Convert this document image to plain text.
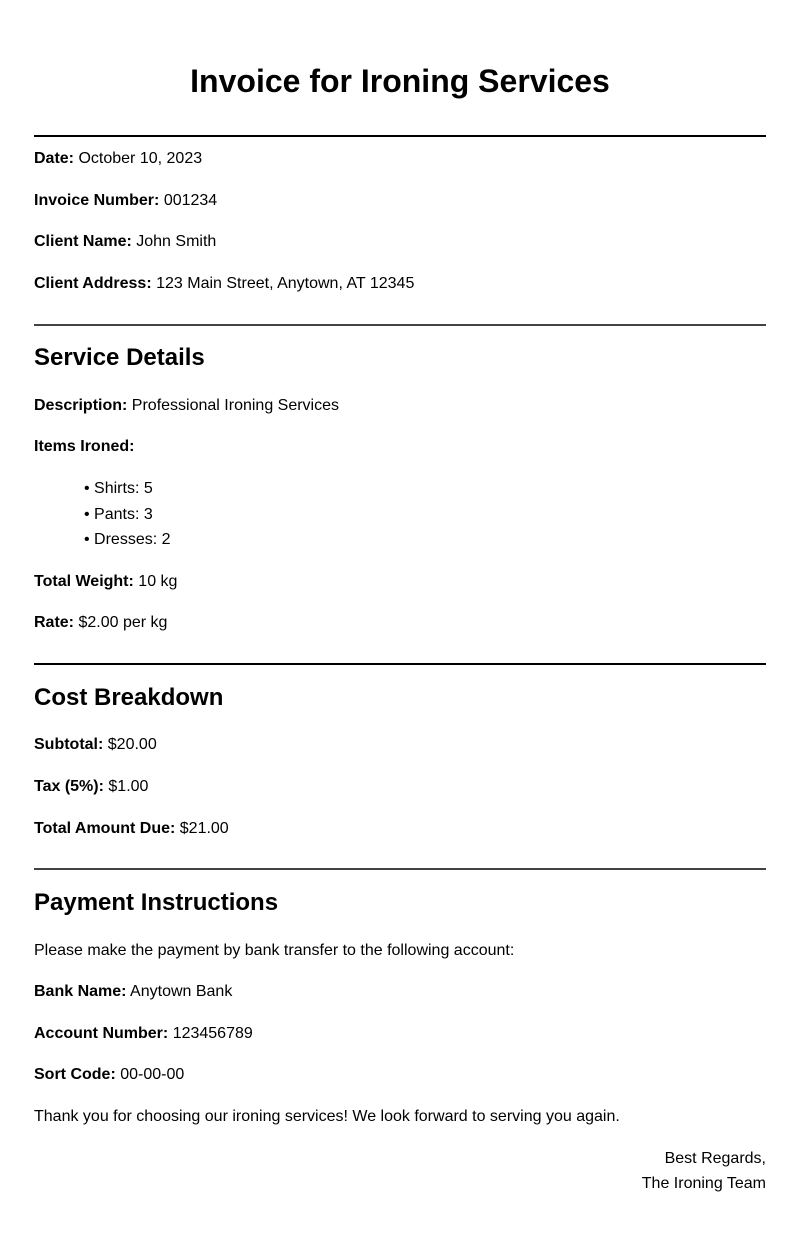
Invoice for Ironing Services

Date: October 10, 2023

Invoice Number: 001234

Client Name: John Smith

Client Address: 123 Main Street, Anytown, AT 12345

Service Details

Description: Professional Ironing Services

Items Ironed:

• Shirts: 5

• Pants: 3

• Dresses: 2

Total Weight: 10 kg

Rate: $2.00 per kg

Cost Breakdown

Subtotal: $20.00

Tax (5%): $1.00

Total Amount Due: $21.00

Payment Instructions

Please make the payment by bank transfer to the following account:

Bank Name: Anytown Bank

Account Number: 123456789

Sort Code: 00-00-00

Thank you for choosing our ironing services! We look forward to serving you again.

Best Regards,

The Ironing Team
